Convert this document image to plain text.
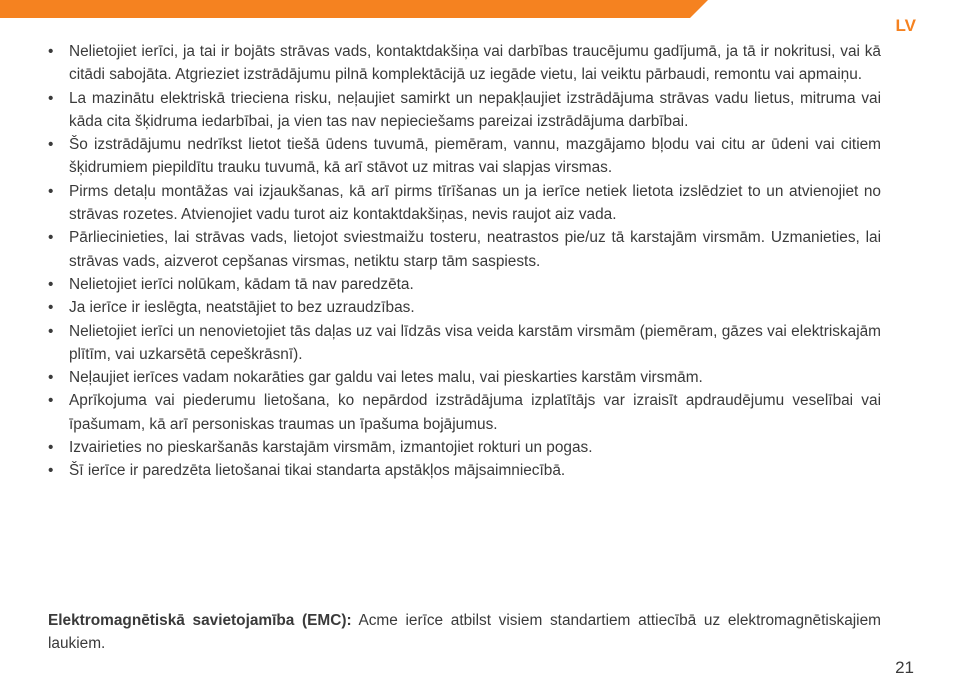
LV
• Nelietojiet ierīci, ja tai ir bojāts strāvas vads, kontaktdakšiņa vai darbības traucējumu gadījumā, ja tā ir nokritusi, vai kā citādi sabojāta. Atgrieziet izstrādājumu pilnā komplektācijā uz iegāde vietu, lai veiktu pārbaudi, remontu vai apmaiņu.
• La mazinātu elektriskā trieciena risku, neļaujiet samirkt un nepakļaujiet izstrādājuma strāvas vadu lietus, mitruma vai kāda cita šķidruma iedarbībai, ja vien tas nav nepieciešams pareizai izstrādājuma darbībai.
• Šo izstrādājumu nedrīkst lietot tiešā ūdens tuvumā, piemēram, vannu, mazgājamo bļodu vai citu ar ūdeni vai citiem šķidrumiem piepildītu trauku tuvumā, kā arī stāvot uz mitras vai slapjas virsmas.
• Pirms detaļu montāžas vai izjaukšanas, kā arī pirms tīrīšanas un ja ierīce netiek lietota izslēdziet to un atvienojiet no strāvas rozetes. Atvienojiet vadu turot aiz kontaktdakšiņas, nevis raujot aiz vada.
• Pārliecinieties, lai strāvas vads, lietojot sviestmaižu tosteru, neatrastos pie/uz tā karstajām virsmām. Uzmanieties, lai strāvas vads, aizverot cepšanas virsmas, netiktu starp tām saspiests.
• Nelietojiet ierīci nolūkam, kādam tā nav paredzēta.
• Ja ierīce ir ieslēgta, neatstājiet to bez uzraudzības.
• Nelietojiet ierīci un nenovietojiet tās daļas uz vai līdzās visa veida karstām virsmām (piemēram, gāzes vai elektriskajām plītīm, vai uzkarsētā cepeškrāsnī).
• Neļaujiet ierīces vadam nokarāties gar galdu vai letes malu, vai pieskarties karstām virsmām.
• Aprīkojuma vai piederumu lietošana, ko nepārdod izstrādājuma izplatītājs var izraisīt apdraudējumu veselībai vai īpašumam, kā arī personiskas traumas un īpašuma bojājumus.
• Izvairieties no pieskaršanās karstajām virsmām, izmantojiet rokturi un pogas.
• Šī ierīce ir paredzēta lietošanai tikai standarta apstākļos mājsaimniecībā.

Elektromagnētiskā savietojamība (EMC): Acme ierīce atbilst visiem standartiem attiecībā uz elektromagnētiskajiem laukiem.

21
